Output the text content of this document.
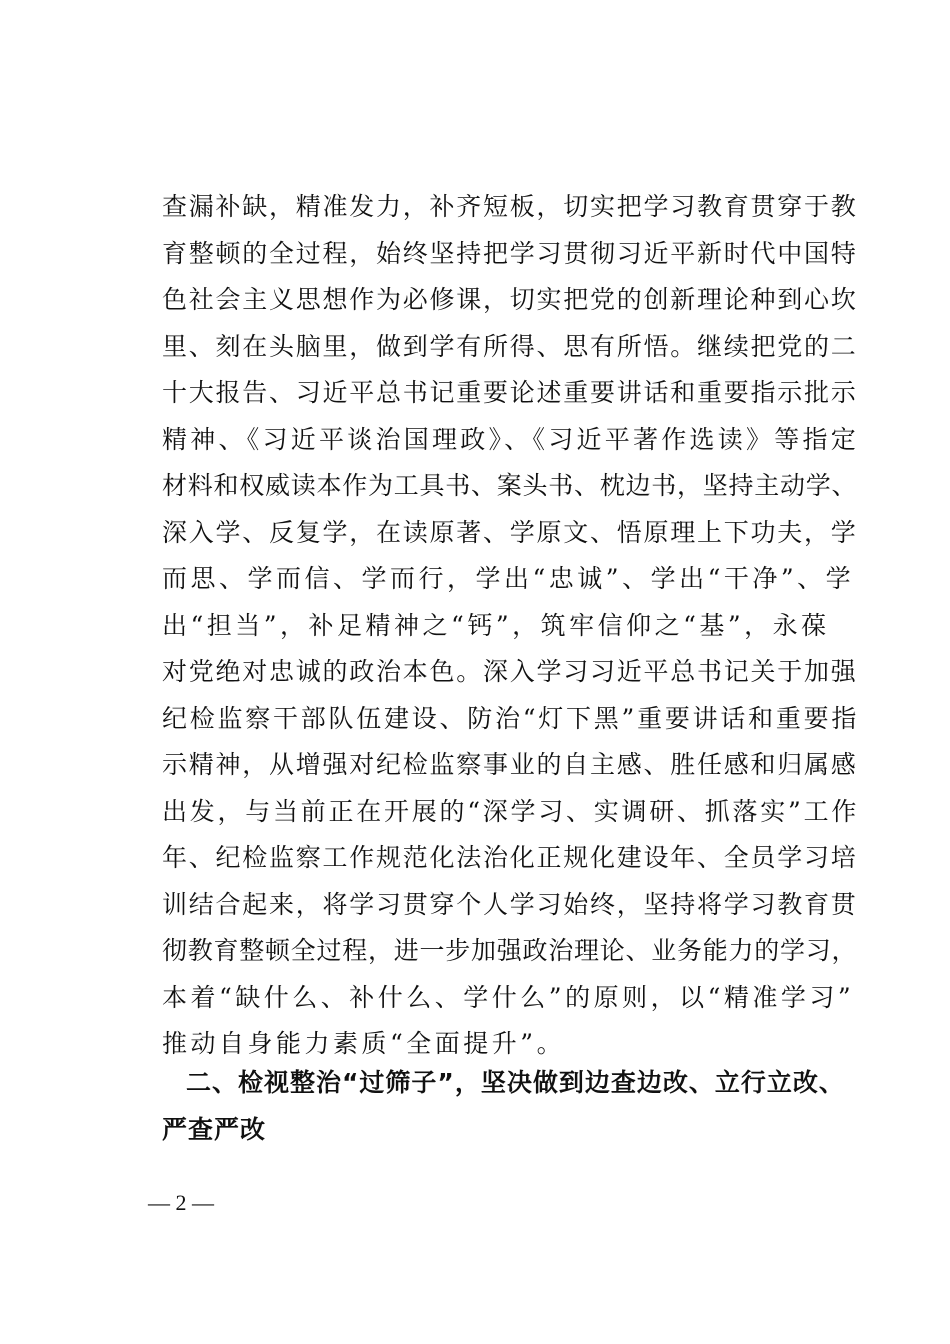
查漏补缺，精准发力，补齐短板，切实把学习教育贯穿于教
育整顿的全过程，始终坚持把学习贯彻习近平新时代中国特
色社会主义思想作为必修课，切实把党的创新理论种到心坎
里、刻在头脑里，做到学有所得、思有所悟。继续把党的二
十大报告、习近平总书记重要论述重要讲话和重要指示批示
精神、《习近平谈治国理政》、《习近平著作选读》等指定
材料和权威读本作为工具书、案头书、枕边书，坚持主动学、
深入学、反复学，在读原著、学原文、悟原理上下功夫，学
而思、学而信、学而行，学出“忠诚”、学出“干净”、学
出“担当”，补足精神之“钙”，筑牢信仰之“基”，永葆
对党绝对忠诚的政治本色。深入学习习近平总书记关于加强
纪检监察干部队伍建设、防治“灯下黑”重要讲话和重要指
示精神，从增强对纪检监察事业的自主感、胜任感和归属感
出发，与当前正在开展的“深学习、实调研、抓落实”工作
年、纪检监察工作规范化法治化正规化建设年、全员学习培
训结合起来，将学习贯穿个人学习始终，坚持将学习教育贯
彻教育整顿全过程，进一步加强政治理论、业务能力的学习，
本着“缺什么、补什么、学什么”的原则，以“精准学习”
推动自身能力素质“全面提升”。
二、检视整治“过筛子”，坚决做到边查边改、立行立改、
严查严改
— 2 —
